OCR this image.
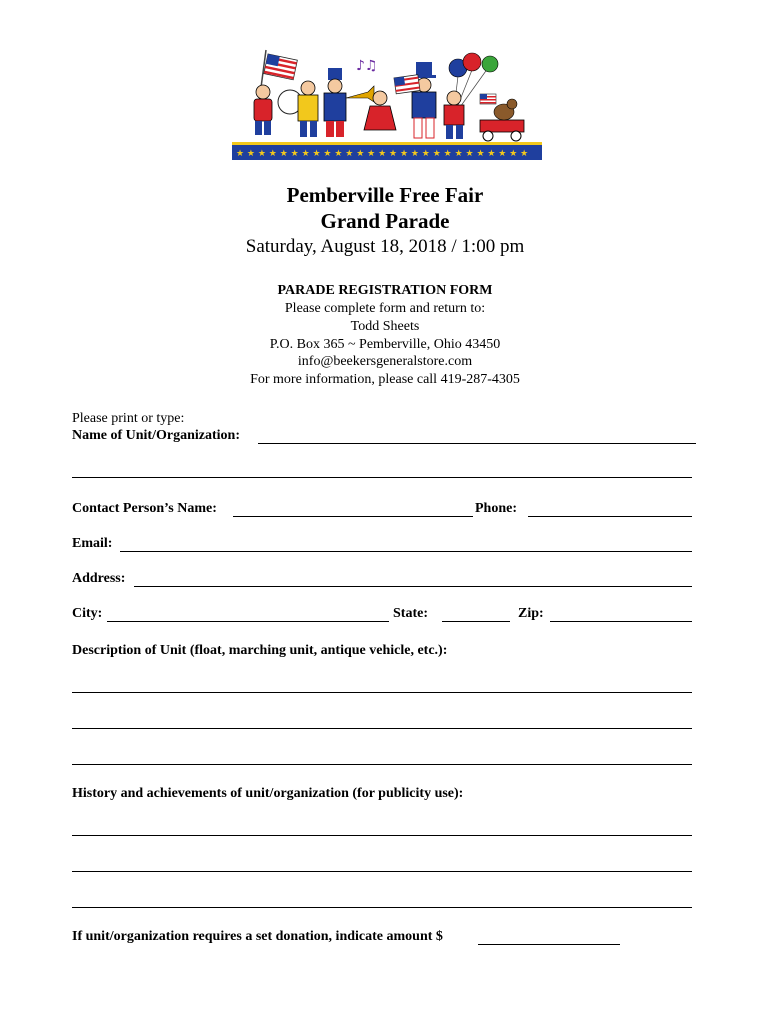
★ ★ ★ ★ ★ ★ ★ ★ ★ ★ ★ ★ ★ ★ ★ ★ ★ ★ ★ ★ ★ ★ ★ ★ ★ ★ ★
♪♫
Pemberville Free Fair
Grand Parade
Saturday, August 18, 2018 / 1:00 pm
PARADE REGISTRATION FORM
Please complete form and return to:
Todd Sheets
P.O. Box 365 ~ Pemberville, Ohio 43450
info@beekersgeneralstore.com
For more information, please call 419-287-4305
Please print or type:
Name of Unit/Organization:
Contact Person’s Name:	Phone:
Email:
Address:
City:	State:	Zip:
Description of Unit (float, marching unit, antique vehicle, etc.):
History and achievements of unit/organization (for publicity use):
If unit/organization requires a set donation, indicate amount $
